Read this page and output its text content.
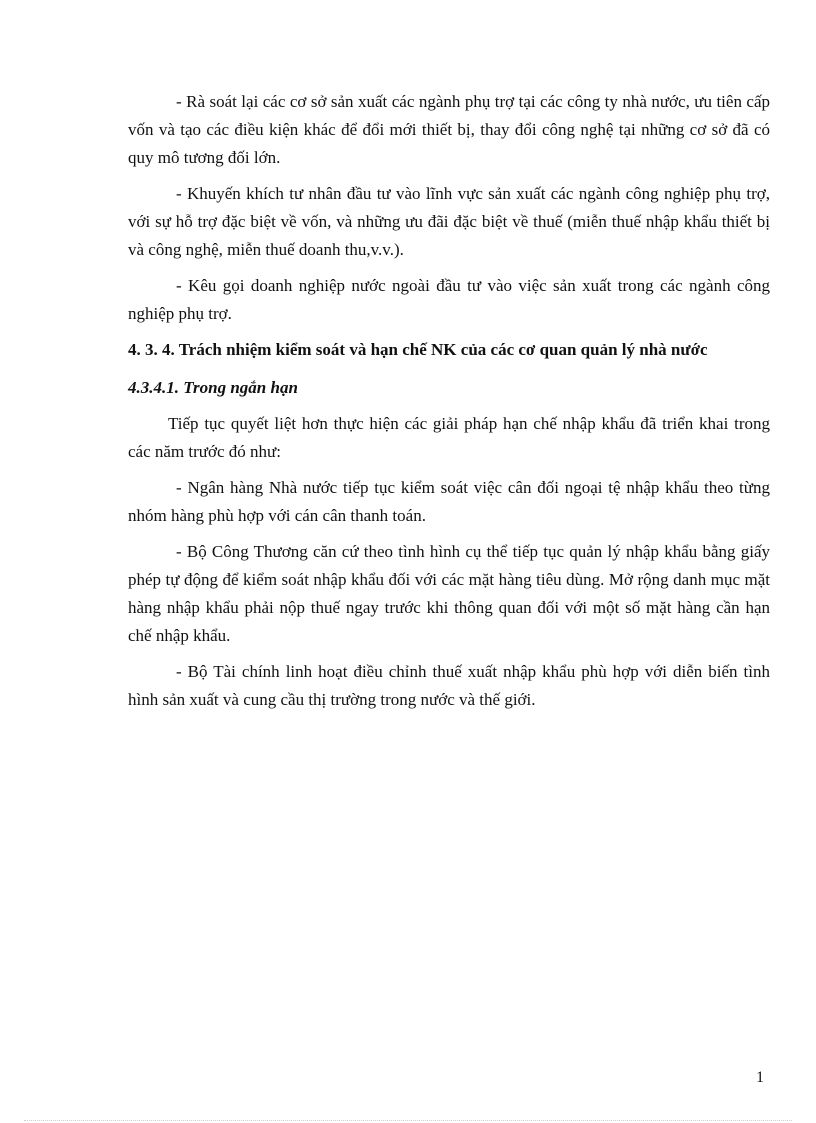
- Rà soát lại các cơ sở sản xuất các ngành phụ trợ tại các công ty nhà nước, ưu tiên cấp vốn và tạo các điều kiện khác để đổi mới thiết bị, thay đổi công nghệ tại những cơ sở đã có quy mô tương đối lớn.

- Khuyến khích tư nhân đầu tư vào lĩnh vực sản xuất các ngành công nghiệp phụ trợ, với sự hỗ trợ đặc biệt về vốn, và những ưu đãi đặc biệt về thuế (miễn thuế nhập khẩu thiết bị và công nghệ, miễn thuế doanh thu,v.v.).

- Kêu gọi doanh nghiệp nước ngoài đầu tư vào việc sản xuất trong các ngành công nghiệp phụ trợ.

4. 3. 4. Trách nhiệm kiểm soát và hạn chế NK của các cơ quan quản lý nhà nước
4.3.4.1. Trong ngắn hạn

Tiếp tục quyết liệt hơn thực hiện các giải pháp hạn chế nhập khẩu đã triển khai trong các năm trước đó như:

- Ngân hàng Nhà nước tiếp tục kiểm soát việc cân đối ngoại tệ nhập khẩu theo từng nhóm hàng phù hợp với cán cân thanh toán.

- Bộ Công Thương căn cứ theo tình hình cụ thể tiếp tục quản lý nhập khẩu bằng giấy phép tự động để kiểm soát nhập khẩu đối với các mặt hàng tiêu dùng. Mở rộng danh mục mặt hàng nhập khẩu phải nộp thuế ngay trước khi thông quan đối với một số mặt hàng cần hạn chế nhập khẩu.

- Bộ Tài chính linh hoạt điều chỉnh thuế xuất nhập khẩu phù hợp với diễn biến tình hình sản xuất và cung cầu thị trường trong nước và thế giới.

1
